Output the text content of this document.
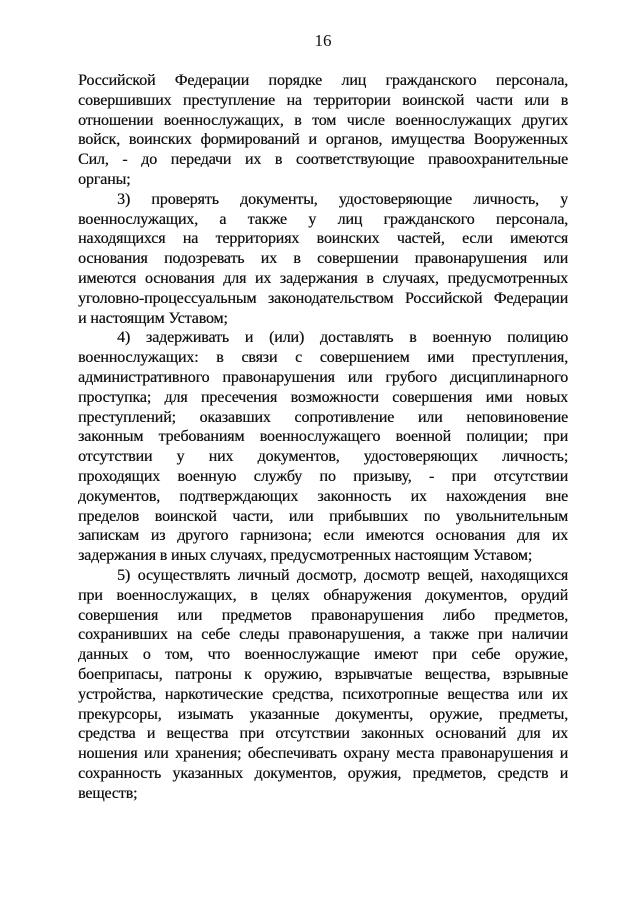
16
Российской Федерации порядке лиц гражданского персонала,
совершивших преступление на территории воинской части или в
отношении военнослужащих, в том числе военнослужащих других
войск, воинских формирований и органов, имущества Вооруженных
Сил, - до передачи их в соответствующие правоохранительные
органы;
3) проверять документы, удостоверяющие личность, у
военнослужащих, а также у лиц гражданского персонала,
находящихся на территориях воинских частей, если имеются
основания подозревать их в совершении правонарушения или
имеются основания для их задержания в случаях, предусмотренных
уголовно-процессуальным законодательством Российской Федерации
и настоящим Уставом;
4) задерживать и (или) доставлять в военную полицию
военнослужащих: в связи с совершением ими преступления,
административного правонарушения или грубого дисциплинарного
проступка; для пресечения возможности совершения ими новых
преступлений; оказавших сопротивление или неповиновение
законным требованиям военнослужащего военной полиции; при
отсутствии у них документов, удостоверяющих личность;
проходящих военную службу по призыву, - при отсутствии
документов, подтверждающих законность их нахождения вне
пределов воинской части, или прибывших по увольнительным
запискам из другого гарнизона; если имеются основания для их
задержания в иных случаях, предусмотренных настоящим Уставом;
5) осуществлять личный досмотр, досмотр вещей, находящихся
при военнослужащих, в целях обнаружения документов, орудий
совершения или предметов правонарушения либо предметов,
сохранивших на себе следы правонарушения, а также при наличии
данных о том, что военнослужащие имеют при себе оружие,
боеприпасы, патроны к оружию, взрывчатые вещества, взрывные
устройства, наркотические средства, психотропные вещества или их
прекурсоры, изымать указанные документы, оружие, предметы,
средства и вещества при отсутствии законных оснований для их
ношения или хранения; обеспечивать охрану места правонарушения и
сохранность указанных документов, оружия, предметов, средств и
веществ;
